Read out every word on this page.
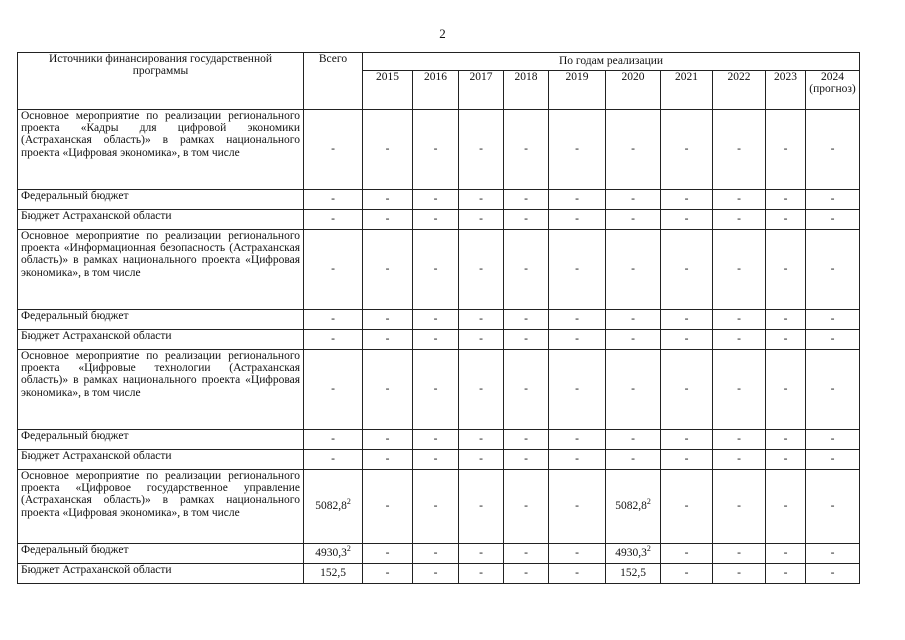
2
Источники финансирования государственной программы	Всего	По годам реализации									
		2015	2016	2017	2018	2019	2020	2021	2022	2023	2024 (прогноз)
Основное мероприятие по реализации регионального проекта «Кадры для цифровой экономики (Астраханская область)» в рамках национального проекта «Цифровая экономика», в том числе	-	-	-	-	-	-	-	-	-	-	-
Федеральный бюджет	-	-	-	-	-	-	-	-	-	-	-
Бюджет Астраханской области	-	-	-	-	-	-	-	-	-	-	-
Основное мероприятие по реализации регионального проекта «Информационная безопасность (Астраханская область)» в рамках национального проекта «Цифровая экономика», в том числе	-	-	-	-	-	-	-	-	-	-	-
Федеральный бюджет	-	-	-	-	-	-	-	-	-	-	-
Бюджет Астраханской области	-	-	-	-	-	-	-	-	-	-	-
Основное мероприятие по реализации регионального проекта «Цифровые технологии (Астраханская область)» в рамках национального проекта «Цифровая экономика», в том числе	-	-	-	-	-	-	-	-	-	-	-
Федеральный бюджет	-	-	-	-	-	-	-	-	-	-	-
Бюджет Астраханской области	-	-	-	-	-	-	-	-	-	-	-
Основное мероприятие по реализации регионального проекта «Цифровое государственное управление (Астраханская область)» в рамках национального проекта «Цифровая экономика», в том числе	5082,8$^2$	-	-	-	-	-	5082,8$^2$	-	-	-	-
Федеральный бюджет	4930,3$^2$	-	-	-	-	-	4930,3$^2$	-	-	-	-
Бюджет Астраханской области	152,5	-	-	-	-	-	152,5	-	-	-	-
